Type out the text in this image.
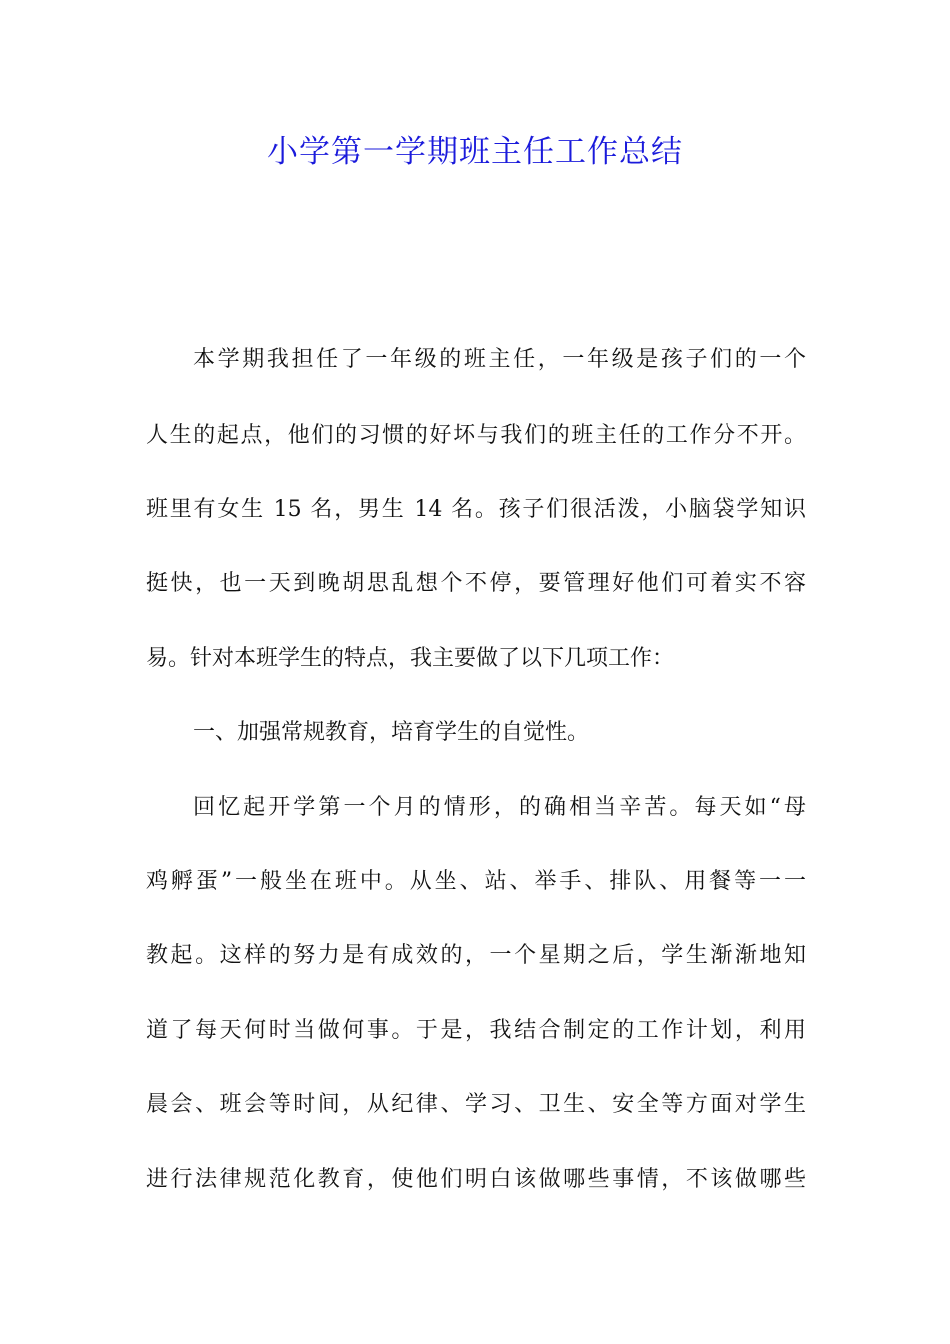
小学第一学期班主任工作总结
本学期我担任了一年级的班主任，一年级是孩子们的一个
人生的起点，他们的习惯的好坏与我们的班主任的工作分不开。
班里有女生 15 名，男生 14 名。孩子们很活泼，小脑袋学知识
挺快，也一天到晚胡思乱想个不停，要管理好他们可着实不容
易。针对本班学生的特点，我主要做了以下几项工作：
一、加强常规教育，培育学生的自觉性。
回忆起开学第一个月的情形，的确相当辛苦。每天如“母
鸡孵蛋”一般坐在班中。从坐、站、举手、排队、用餐等一一
教起。这样的努力是有成效的，一个星期之后，学生渐渐地知
道了每天何时当做何事。于是，我结合制定的工作计划，利用
晨会、班会等时间，从纪律、学习、卫生、安全等方面对学生
进行法律规范化教育，使他们明白该做哪些事情，不该做哪些
